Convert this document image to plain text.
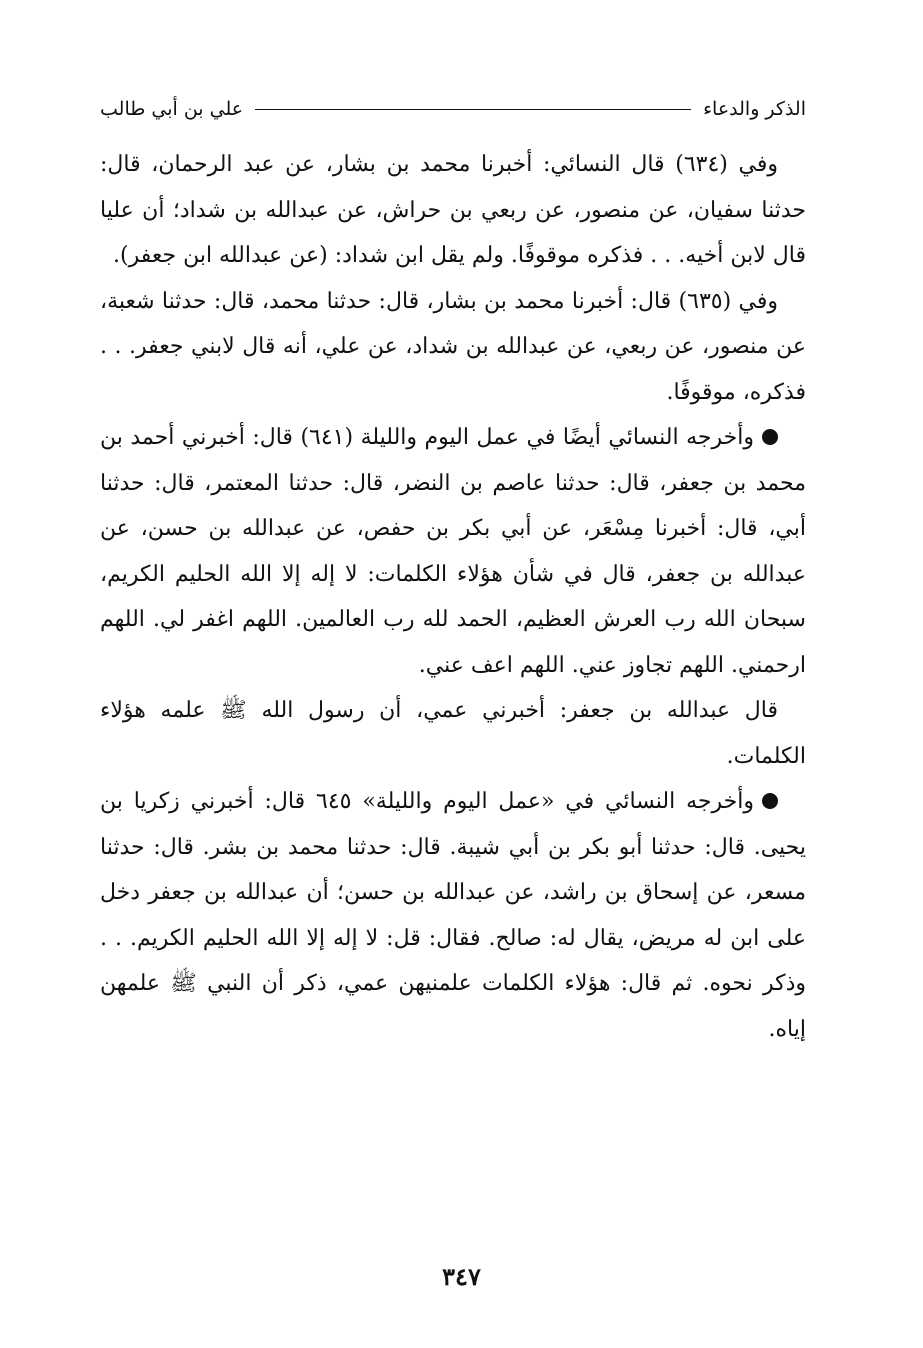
الذكر والدعاء
علي بن أبي طالب

وفي (٦٣٤) قال النسائي: أخبرنا محمد بن بشار، عن عبد الرحمان، قال: حدثنا سفيان، عن منصور، عن ربعي بن حراش، عن عبدالله بن شداد؛ أن عليا قال لابن أخيه. . . فذكره موقوفًا. ولم يقل ابن شداد: (عن عبدالله ابن جعفر).

وفي (٦٣٥) قال: أخبرنا محمد بن بشار، قال: حدثنا محمد، قال: حدثنا شعبة، عن منصور، عن ربعي، عن عبدالله بن شداد، عن علي، أنه قال لابني جعفر. . . فذكره، موقوفًا.

وأخرجه النسائي أيضًا في عمل اليوم والليلة (٦٤١) قال: أخبرني أحمد بن محمد بن جعفر، قال: حدثنا عاصم بن النضر، قال: حدثنا المعتمر، قال: حدثنا أبي، قال: أخبرنا مِسْعَر، عن أبي بكر بن حفص، عن عبدالله بن حسن، عن عبدالله بن جعفر، قال في شأن هؤلاء الكلمات: لا إله إلا الله الحليم الكريم، سبحان الله رب العرش العظيم، الحمد لله رب العالمين. اللهم اغفر لي. اللهم ارحمني. اللهم تجاوز عني. اللهم اعف عني.

قال عبدالله بن جعفر: أخبرني عمي، أن رسول الله ﷺ علمه هؤلاء الكلمات.

وأخرجه النسائي في «عمل اليوم والليلة» ٦٤٥ قال: أخبرني زكريا بن يحيى. قال: حدثنا أبو بكر بن أبي شيبة. قال: حدثنا محمد بن بشر. قال: حدثنا مسعر، عن إسحاق بن راشد، عن عبدالله بن حسن؛ أن عبدالله بن جعفر دخل على ابن له مريض، يقال له: صالح. فقال: قل: لا إله إلا الله الحليم الكريم. . . وذكر نحوه. ثم قال: هؤلاء الكلمات علمنيهن عمي، ذكر أن النبي ﷺ علمهن إياه.

٣٤٧
